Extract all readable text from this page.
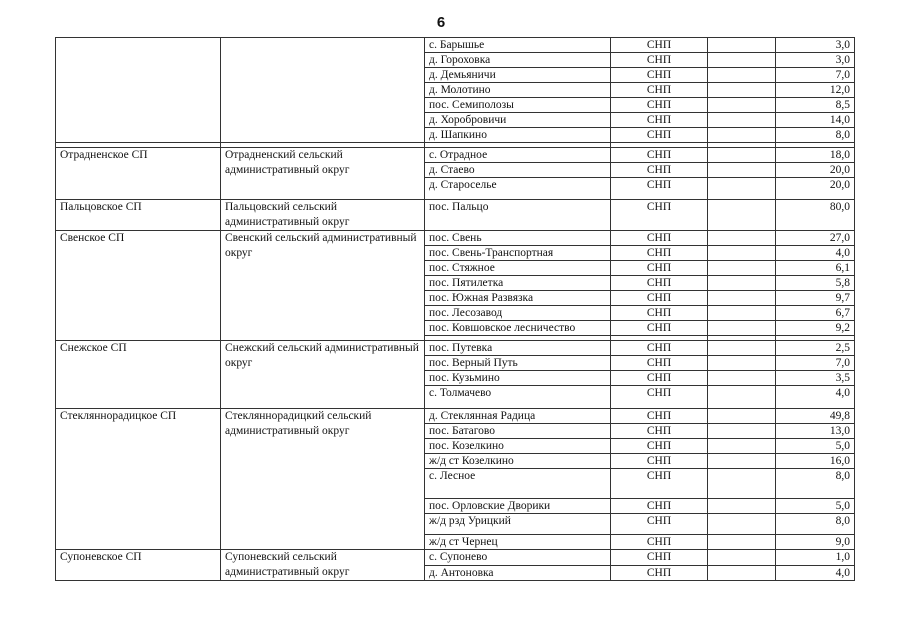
6
		с. Барышье	СНП		3,0
		д. Гороховка	СНП		3,0
		д. Демьяничи	СНП		7,0
		д. Молотино	СНП		12,0
		пос. Семиполозы	СНП		8,5
		д. Хоробровичи	СНП		14,0
		д. Шапкино	СНП		8,0

Отрадненское СП	Отрадненский сельский административный округ	с. Отрадное	СНП		18,0
		д. Стаево	СНП		20,0
		д. Староселье	СНП		20,0
Пальцовское СП	Пальцовский сельский административный округ	пос. Пальцо	СНП		80,0
Свенское СП	Свенский сельский административный округ	пос. Свень	СНП		27,0
		пос. Свень-Транспортная	СНП		4,0
		пос. Стяжное	СНП		6,1
		пос. Пятилетка	СНП		5,8
		пос. Южная Развязка	СНП		9,7
		пос. Лесозавод	СНП		6,7
		пос. Ковшовское лесничество	СНП		9,2

Снежское СП	Снежский сельский административный округ	пос. Путевка	СНП		2,5
		пос. Верный Путь	СНП		7,0
		пос. Кузьмино	СНП		3,5
		с. Толмачево	СНП		4,0
Стекляннорадицкое СП	Стекляннорадицкий сельский административный округ	д. Стеклянная Радица	СНП		49,8
		пос. Батагово	СНП		13,0
		пос. Козелкино	СНП		5,0
		ж/д ст Козелкино	СНП		16,0
		с. Лесное	СНП		8,0
		пос. Орловские Дворики	СНП		5,0
		ж/д рзд Урицкий	СНП		8,0
		ж/д ст Чернец	СНП		9,0
Супоневское СП	Супоневский сельский административный округ	с. Супонево	СНП		1,0
		д. Антоновка	СНП		4,0
